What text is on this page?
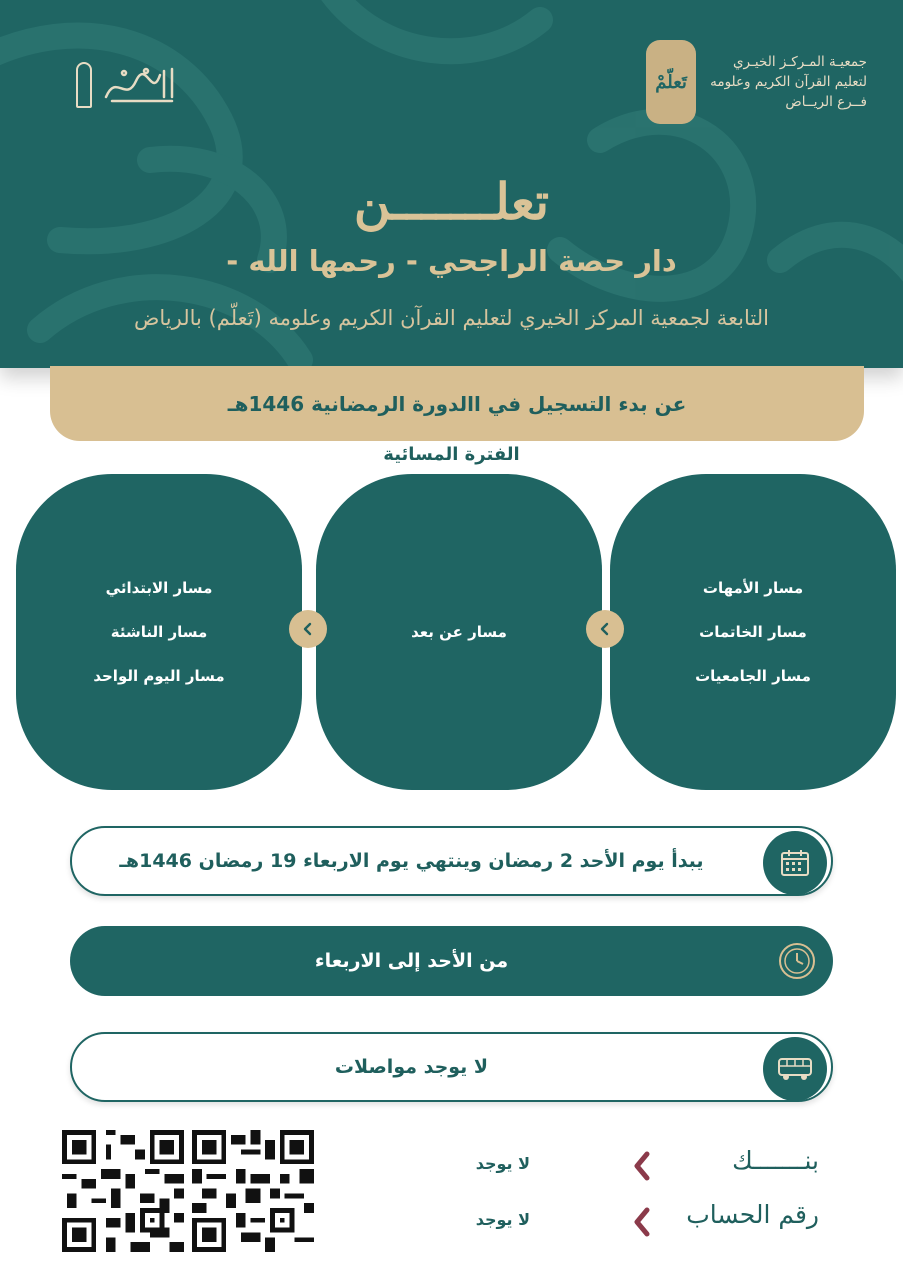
جمعيـة المـركـز الخيـري
لتعليم القرآن الكريم وعلومه
فــرع الريــاض
تَعلّمْ
تعلـــــــن
دار حصة الراجحي - رحمها الله -
التابعة لجمعية المركز الخيري لتعليم القرآن الكريم وعلومه (تَعلّم) بالرياض
عن بدء التسجيل في االدورة الرمضانية 1446هـ
الفترة المسائية
مسار الأمهات
مسار الخاتمات
مسار الجامعيات
مسار عن بعد
مسار الابتدائي
مسار الناشئة
مسار اليوم الواحد
يبدأ يوم الأحد 2 رمضان وينتهي يوم الاربعاء 19 رمضان 1446هـ
من الأحد إلى الاربعاء
لا يوجد مواصلات
بنـــــــك
لا يوجد
رقم الحساب
لا يوجد
